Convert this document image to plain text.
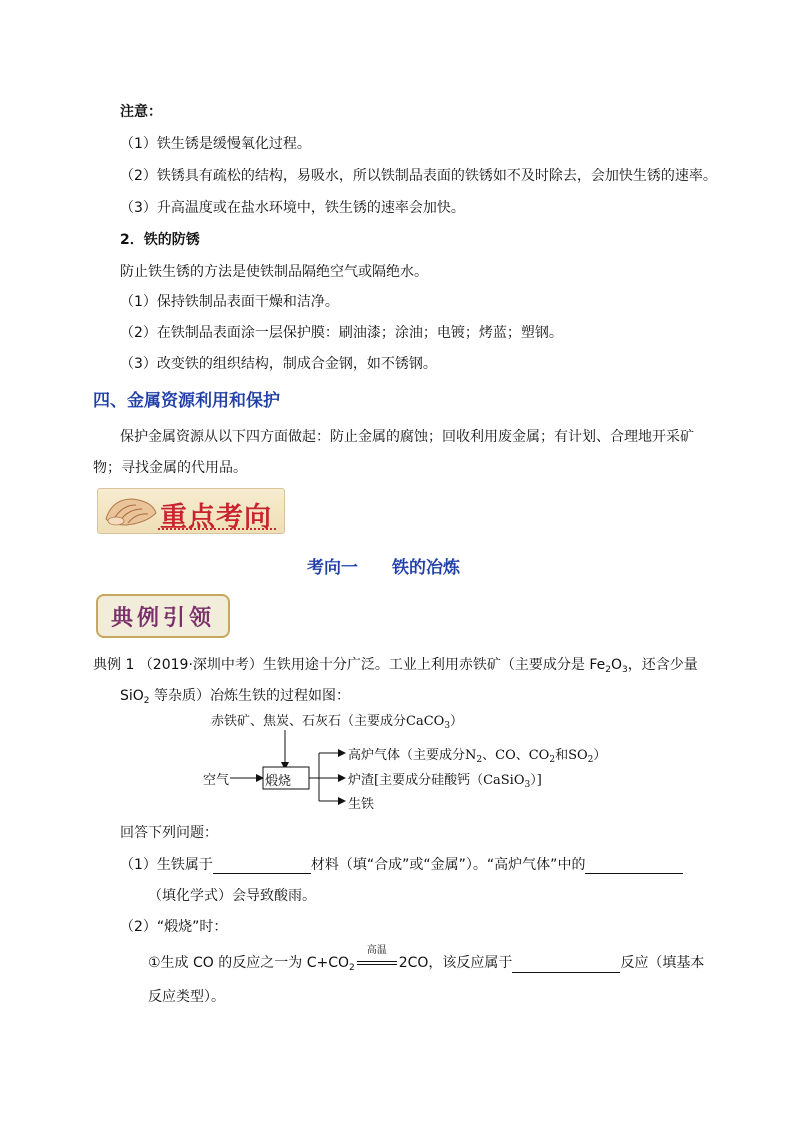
注意：
（1）铁生锈是缓慢氧化过程。
（2）铁锈具有疏松的结构，易吸水，所以铁制品表面的铁锈如不及时除去，会加快生锈的速率。
（3）升高温度或在盐水环境中，铁生锈的速率会加快。
2．铁的防锈
防止铁生锈的方法是使铁制品隔绝空气或隔绝水。
（1）保持铁制品表面干燥和洁净。
（2）在铁制品表面涂一层保护膜：刷油漆；涂油；电镀；烤蓝；塑钢。
（3）改变铁的组织结构，制成合金钢，如不锈钢。
四、金属资源利用和保护
保护金属资源从以下四方面做起：防止金属的腐蚀；回收利用废金属；有计划、合理地开采矿
物；寻找金属的代用品。
重点考向
考向一　　铁的冶炼
典例引领
典例 1 （2019·深圳中考）生铁用途十分广泛。工业上利用赤铁矿（主要成分是 $Fe_2O_3$，还含少量
SiO$_2$ 等杂质）冶炼生铁的过程如图：
赤铁矿、焦炭、石灰石（主要成分CaCO$_3$）
空气	煅烧
高炉气体（主要成分$N_2$、CO、$CO_2$和$SO_2$）
炉渣[主要成分硅酸钙（CaSiO$_3$）]
生铁
回答下列问题：
（1）生铁属于	材料（填“合成”或“金属”）。“高炉气体”中的
（填化学式）会导致酸雨。
（2）“煅烧”时：
①生成 CO 的反应之一为 $C+CO_2$
高温
2CO，该反应属于	反应（填基本
反应类型）。
